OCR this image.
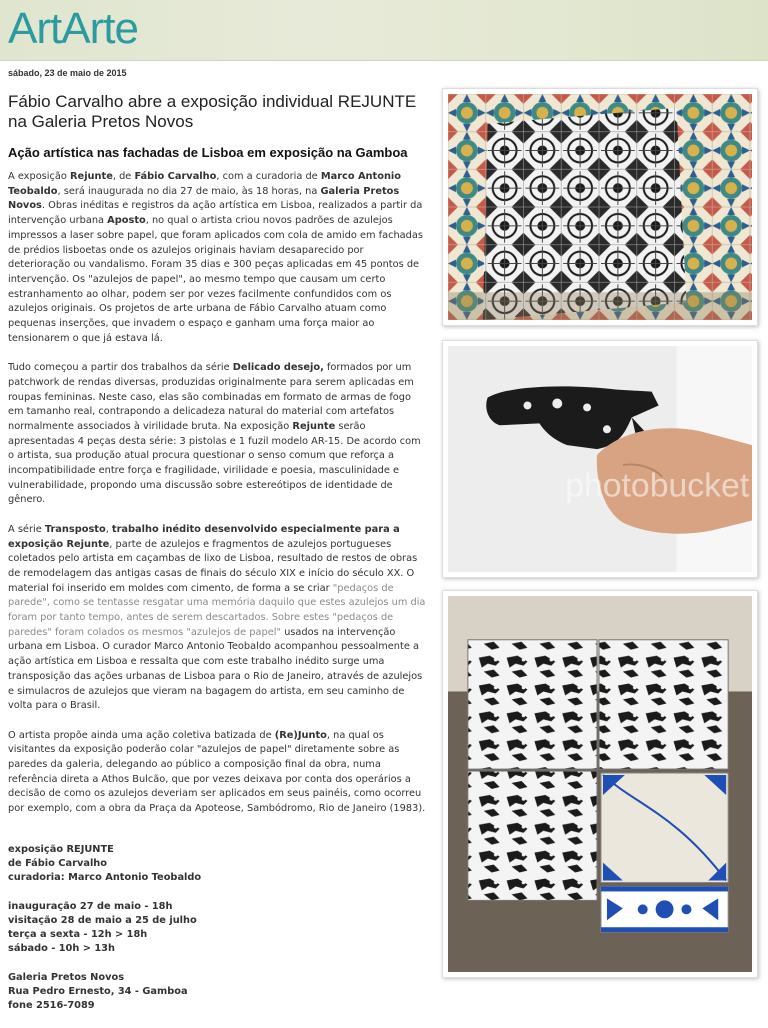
ArtArte
sábado, 23 de maio de 2015
Fábio Carvalho abre a exposição individual REJUNTE na Galeria Pretos Novos
Ação artística nas fachadas de Lisboa em exposição na Gamboa

A exposição Rejunte, de Fábio Carvalho, com a curadoria de Marco Antonio Teobaldo, será inaugurada no dia 27 de maio, às 18 horas, na Galeria Pretos Novos. Obras inéditas e registros da ação artística em Lisboa, realizados a partir da intervenção urbana Aposto, no qual o artista criou novos padrões de azulejos impressos a laser sobre papel, que foram aplicados com cola de amido em fachadas de prédios lisboetas onde os azulejos originais haviam desaparecido por deterioração ou vandalismo. Foram 35 dias e 300 peças aplicadas em 45 pontos de intervenção. Os "azulejos de papel", ao mesmo tempo que causam um certo estranhamento ao olhar, podem ser por vezes facilmente confundidos com os azulejos originais. Os projetos de arte urbana de Fábio Carvalho atuam como pequenas inserções, que invadem o espaço e ganham uma força maior ao tensionarem o que já estava lá.

Tudo começou a partir dos trabalhos da série Delicado desejo, formados por um patchwork de rendas diversas, produzidas originalmente para serem aplicadas em roupas femininas. Neste caso, elas são combinadas em formato de armas de fogo em tamanho real, contrapondo a delicadeza natural do material com artefatos normalmente associados à virilidade bruta. Na exposição Rejunte serão apresentadas 4 peças desta série: 3 pistolas e 1 fuzil modelo AR-15. De acordo com o artista, sua produção atual procura questionar o senso comum que reforça a incompatibilidade entre força e fragilidade, virilidade e poesia, masculinidade e vulnerabilidade, propondo uma discussão sobre estereótipos de identidade de gênero.

A série Transposto, trabalho inédito desenvolvido especialmente para a exposição Rejunte, parte de azulejos e fragmentos de azulejos portugueses coletados pelo artista em caçambas de lixo de Lisboa, resultado de restos de obras de remodelagem das antigas casas de finais do século XIX e início do século XX. O material foi inserido em moldes com cimento, de forma a se criar "pedaços de parede", como se tentasse resgatar uma memória daquilo que estes azulejos um dia foram por tanto tempo, antes de serem descartados. Sobre estes "pedaços de paredes" foram colados os mesmos "azulejos de papel" usados na intervenção urbana em Lisboa. O curador Marco Antonio Teobaldo acompanhou pessoalmente a ação artística em Lisboa e ressalta que com este trabalho inédito surge uma transposição das ações urbanas de Lisboa para o Rio de Janeiro, através de azulejos e simulacros de azulejos que vieram na bagagem do artista, em seu caminho de volta para o Brasil.

O artista propõe ainda uma ação coletiva batizada de (Re)Junto, na qual os visitantes da exposição poderão colar "azulejos de papel" diretamente sobre as paredes da galeria, delegando ao público a composição final da obra, numa referência direta a Athos Bulcão, que por vezes deixava por conta dos operários a decisão de como os azulejos deveriam ser aplicados em seus painéis, como ocorreu por exemplo, com a obra da Praça da Apoteose, Sambódromo, Rio de Janeiro (1983).

exposição REJUNTE
de Fábio Carvalho
curadoria: Marco Antonio Teobaldo
inauguração 27 de maio - 18h
visitação 28 de maio a 25 de julho
terça a sexta - 12h > 18h
sábado - 10h > 13h
Galeria Pretos Novos
Rua Pedro Ernesto, 34 - Gamboa
fone 2516-7089
photobucket
